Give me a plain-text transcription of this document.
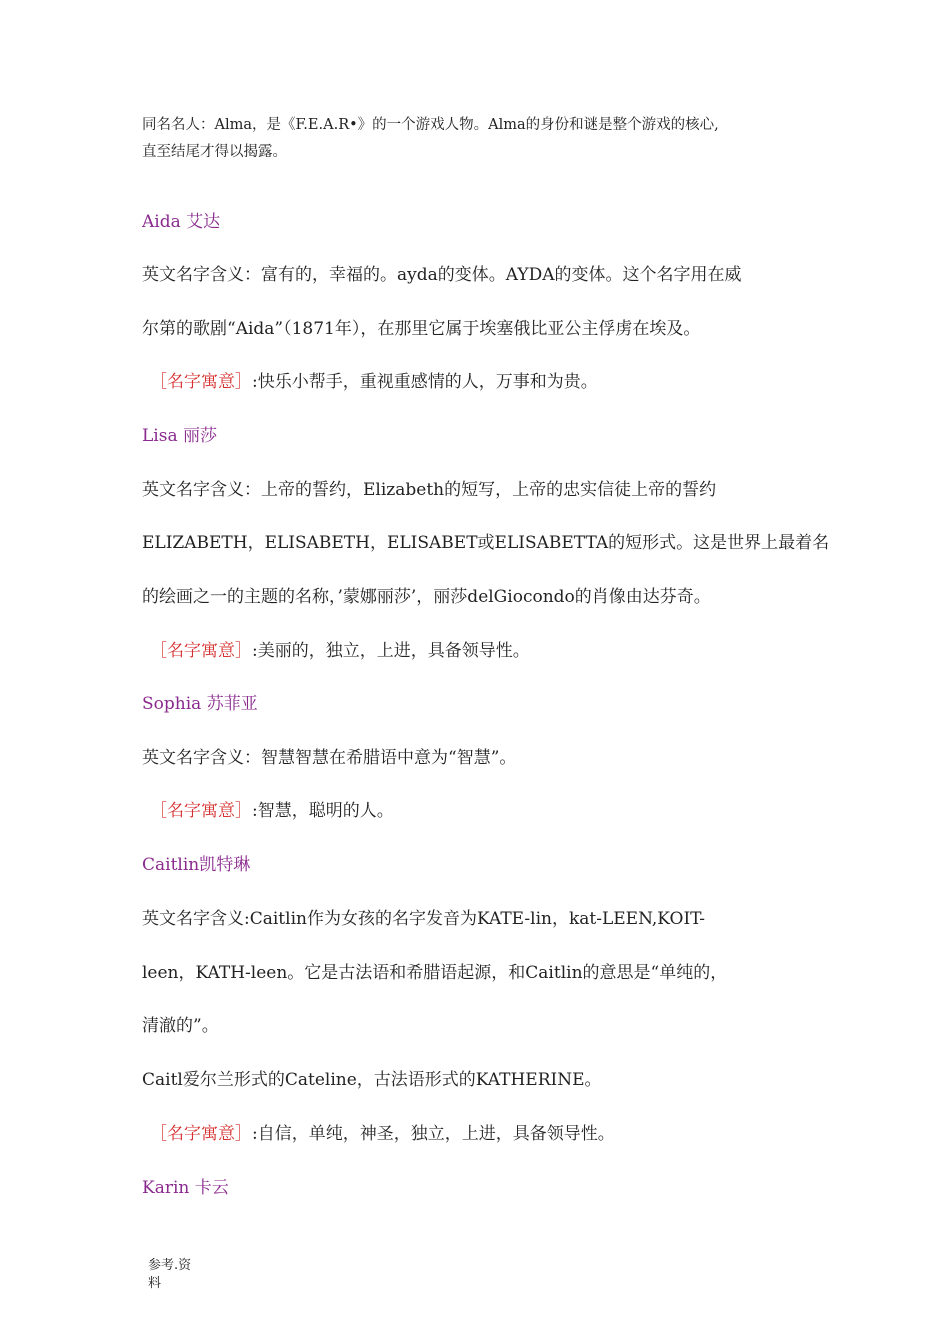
同名名人：Alma，是《F.E.A.R•》的一个游戏人物。Alma的身份和谜是整个游戏的核心,
直至结尾才得以揭露。
Aida 艾达
英文名字含义：富有的，幸福的。ayda的变体。AYDA的变体。这个名字用在威
尔第的歌剧“Aida”（1871年），在那里它属于埃塞俄比亚公主俘虏在埃及。
［名字寓意］:快乐小帮手，重视重感情的人，万事和为贵。
Lisa 丽莎
英文名字含义：上帝的誓约，Elizabeth的短写，上帝的忠实信徒上帝的誓约
ELIZABETH，ELISABETH，ELISABET或ELISABETTA的短形式。这是世界上最着名
的绘画之一的主题的名称，’蒙娜丽莎’，丽莎delGiocondo的肖像由达芬奇。
［名字寓意］:美丽的，独立，上进，具备领导性。
Sophia 苏菲亚
英文名字含义：智慧智慧在希腊语中意为“智慧”。
［名字寓意］:智慧，聪明的人。
Caitlin凯特琳
英文名字含义:Caitlin作为女孩的名字发音为KATE-lin，kat-LEEN,KOIT-
leen，KATH-leen。它是古法语和希腊语起源，和Caitlin的意思是“单纯的，
清澈的”。
Caitl爱尔兰形式的Cateline，古法语形式的KATHERINE。
［名字寓意］:自信，单纯，神圣，独立，上进，具备领导性。
Karin 卡云
参考.资
料
